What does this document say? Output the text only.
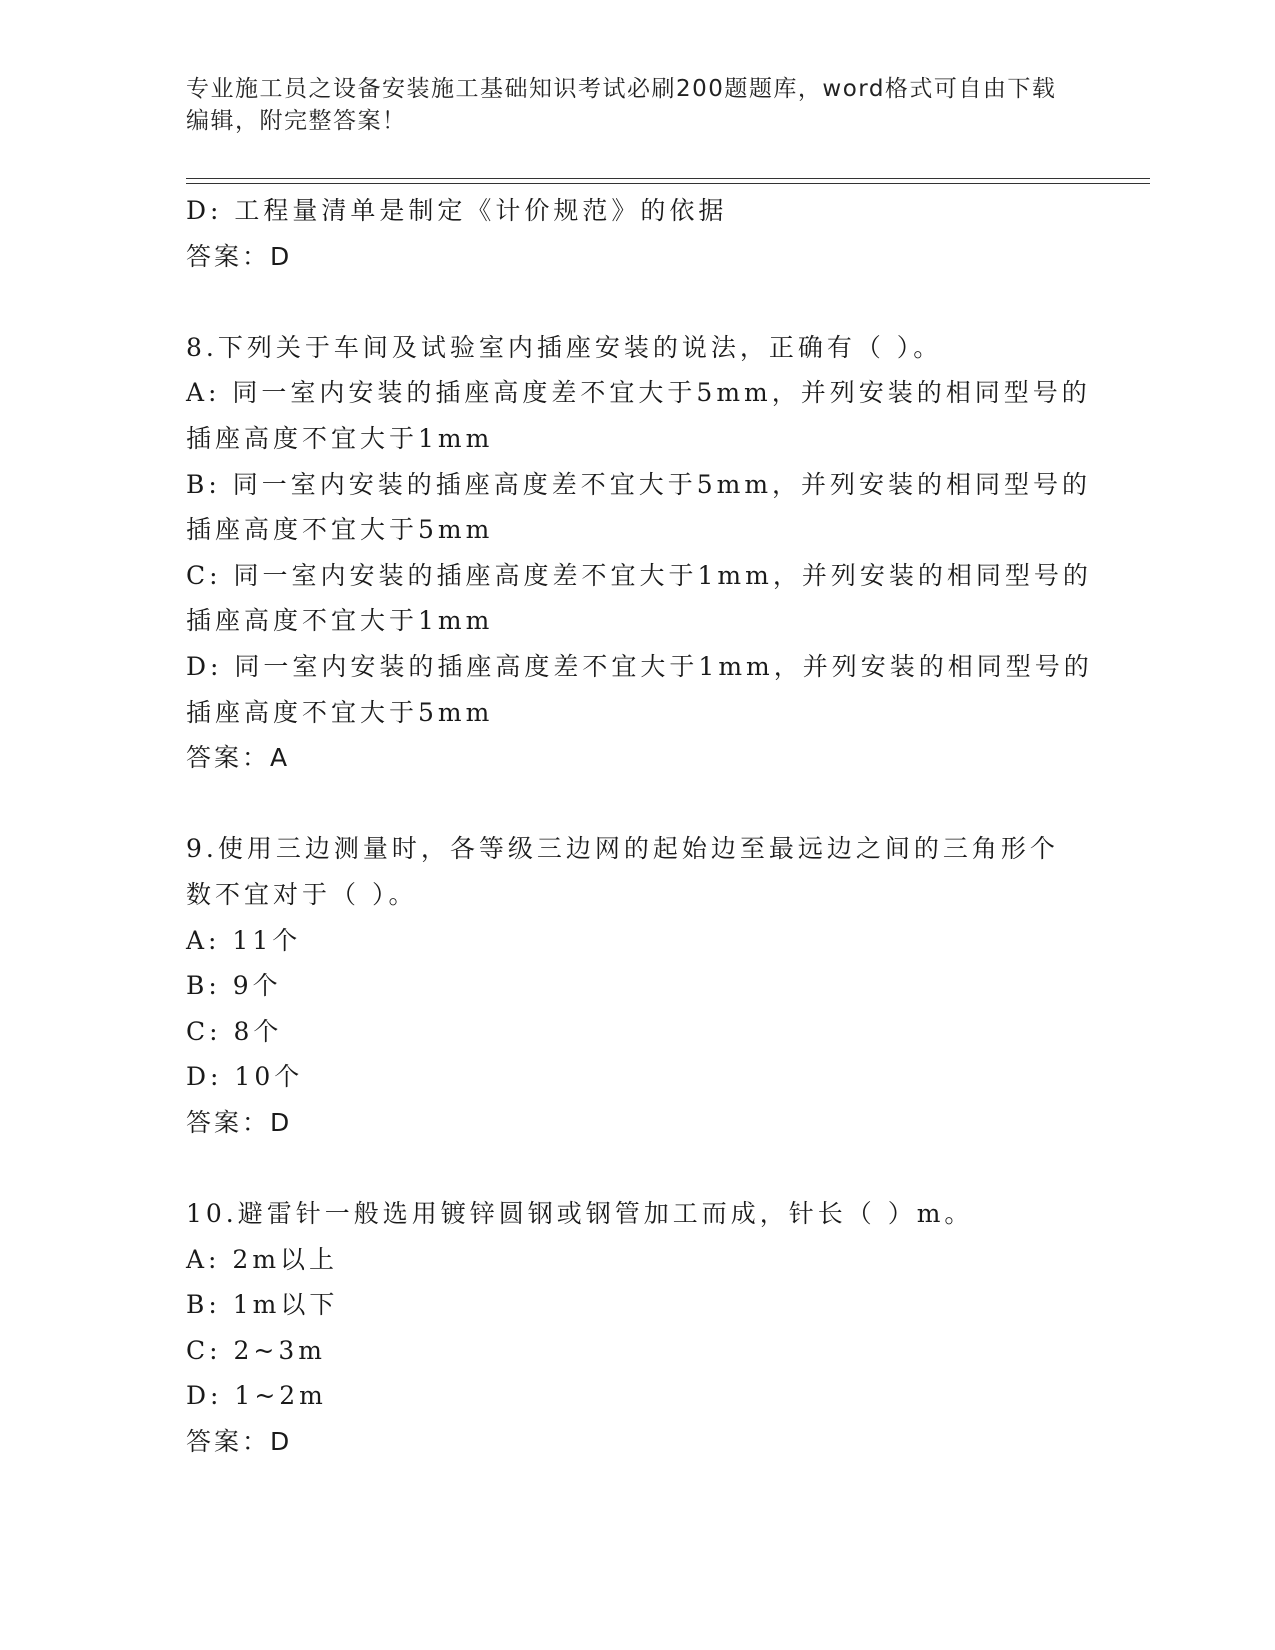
专业施工员之设备安装施工基础知识考试必刷200题题库，word格式可自由下载编辑，附完整答案！
D: 工程量清单是制定《计价规范》的依据
答案：D
8.下列关于车间及试验室内插座安装的说法，正确有（ ）。
A: 同一室内安装的插座高度差不宜大于5mm，并列安装的相同型号的
插座高度不宜大于1mm
B: 同一室内安装的插座高度差不宜大于5mm，并列安装的相同型号的
插座高度不宜大于5mm
C: 同一室内安装的插座高度差不宜大于1mm，并列安装的相同型号的
插座高度不宜大于1mm
D: 同一室内安装的插座高度差不宜大于1mm，并列安装的相同型号的
插座高度不宜大于5mm
答案：A
9.使用三边测量时，各等级三边网的起始边至最远边之间的三角形个
数不宜对于（ ）。
A: 11个
B: 9个
C: 8个
D: 10个
答案：D
10.避雷针一般选用镀锌圆钢或钢管加工而成，针长（ ）m。
A: 2m以上
B: 1m以下
C: 2~3m
D: 1~2m
答案：D
